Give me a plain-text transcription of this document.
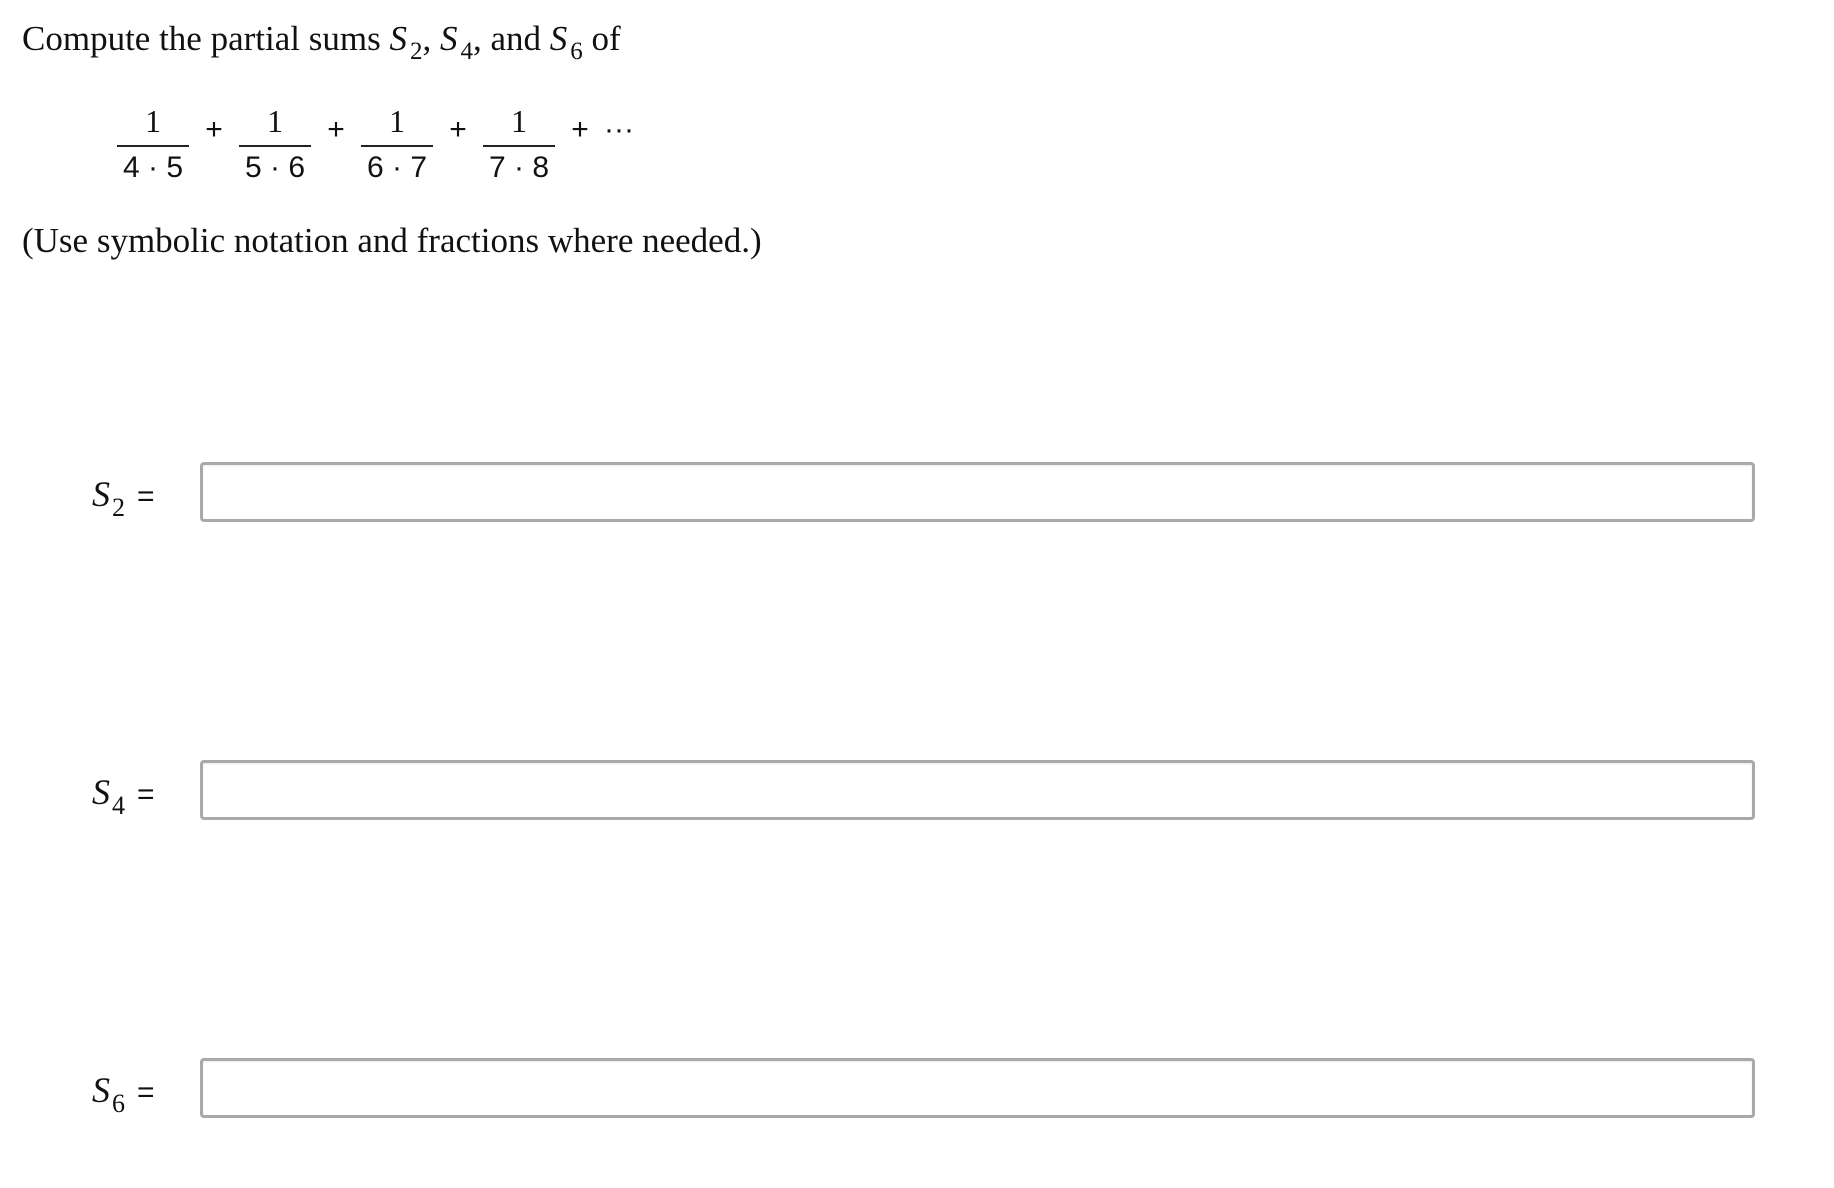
Compute the partial sums S $_2$, S $_4$, and S $_6$ of
$\frac{1}{4 \cdot 5} + \frac{1}{5 \cdot 6} + \frac{1}{6 \cdot 7} + \frac{1}{7 \cdot 8}$ + ···
(Use symbolic notation and fractions where needed.)
$S_2$ =
$S_4$ =
$S_6$ =
